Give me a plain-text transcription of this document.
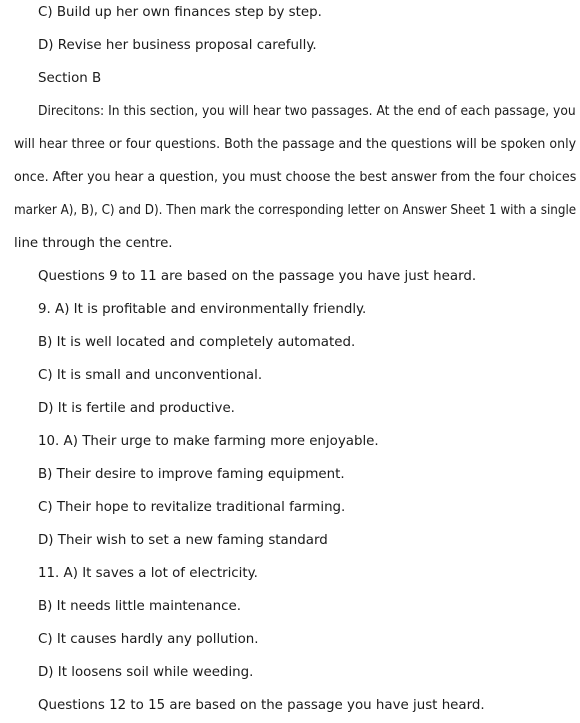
C) Build up her own finances step by step.
D) Revise her business proposal carefully.
Section B
Direcitons: In this section, you will hear two passages. At the end of each passage, you
will hear three or four questions. Both the passage and the questions will be spoken only
once. After you hear a question, you must choose the best answer from the four choices
marker A), B), C) and D). Then mark the corresponding letter on Answer Sheet 1 with a single
line through the centre.
Questions 9 to 11 are based on the passage you have just heard.
9. A) It is profitable and environmentally friendly.
B) It is well located and completely automated.
C) It is small and unconventional.
D) It is fertile and productive.
10. A) Their urge to make farming more enjoyable.
B) Their desire to improve faming equipment.
C) Their hope to revitalize traditional farming.
D) Their wish to set a new faming standard
11. A) It saves a lot of electricity.
B) It needs little maintenance.
C) It causes hardly any pollution.
D) It loosens soil while weeding.
Questions 12 to 15 are based on the passage you have just heard.
